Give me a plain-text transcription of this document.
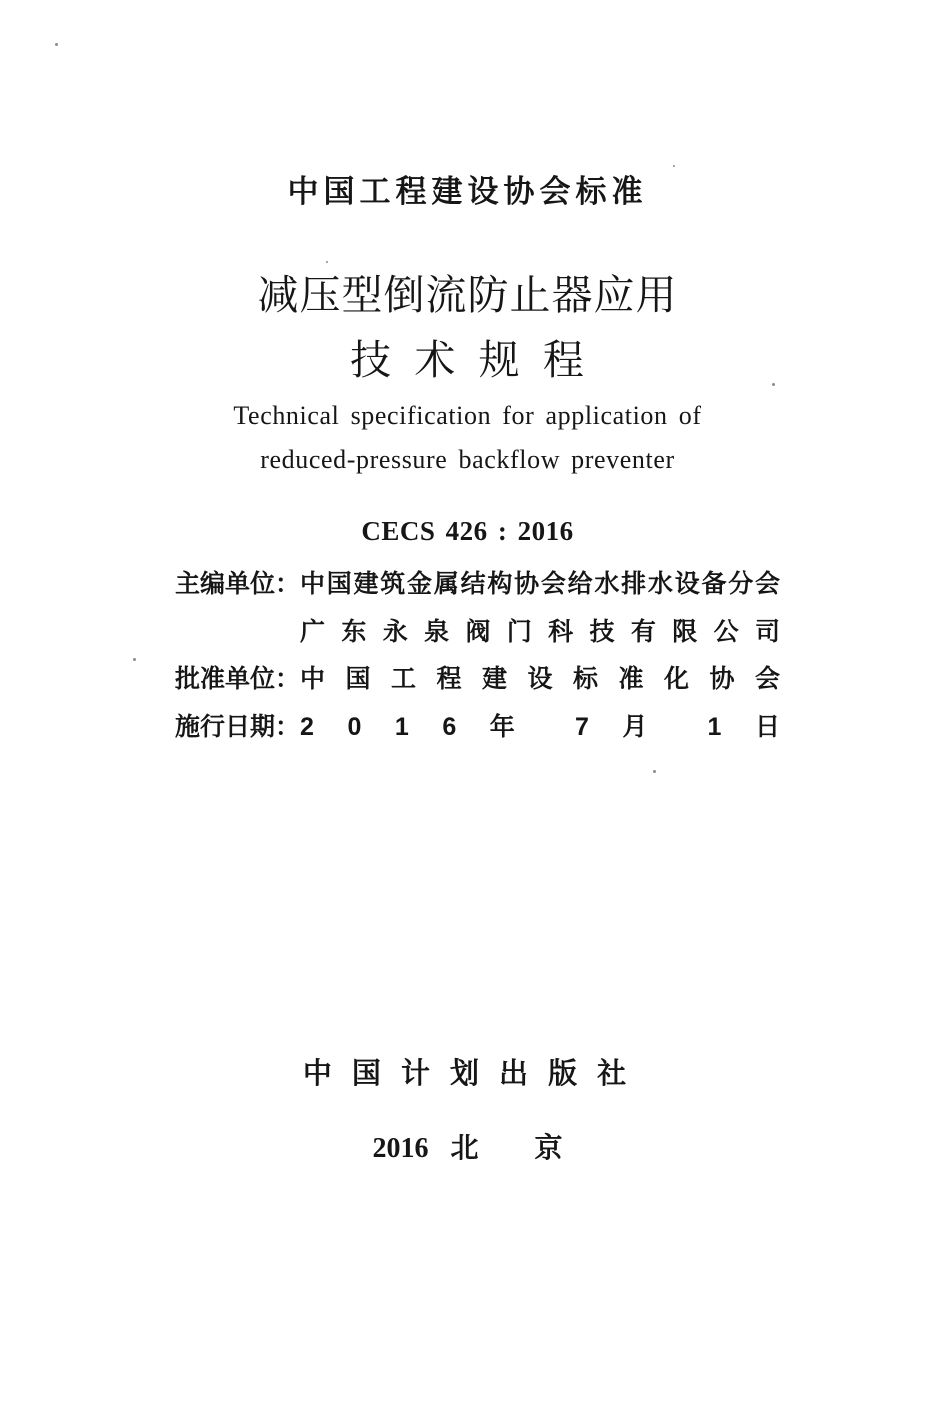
中国工程建设协会标准
减压型倒流防止器应用
技 术 规 程
Technical specification for application of
reduced-pressure backflow preventer
CECS 426 : 2016
主编单位： 中国建筑金属结构协会给水排水设备分会
广 东 永 泉 阀 门 科 技 有 限 公 司
批准单位： 中 国 工 程 建 设 标 准 化 协 会
施行日期： 2 0 1 6 年 7 月 1 日
中 国 计 划 出 版 社
2016 北 京
